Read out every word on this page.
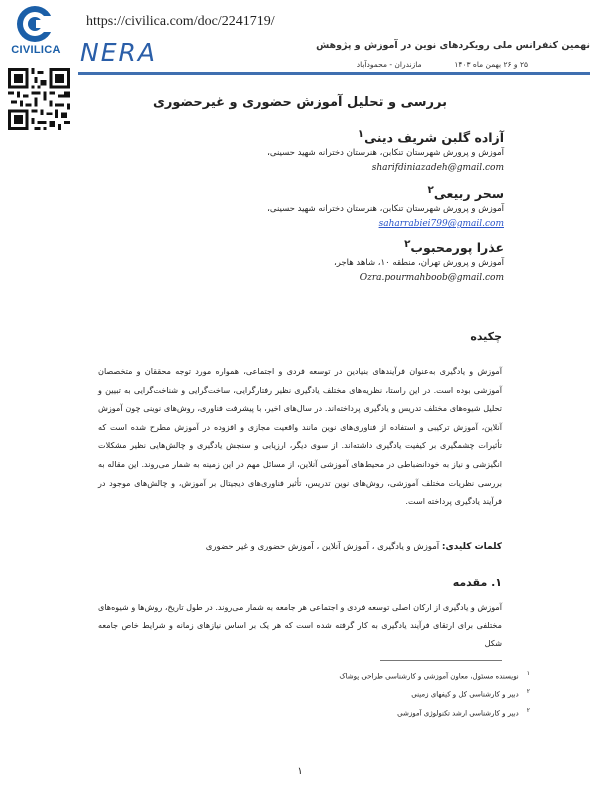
CIVILICA
https://civilica.com/doc/2241719/
NERA	نهمین کنفرانس ملی رویکردهای نوین در آموزش و پژوهش
۲۵ و ۲۶ بهمن ماه ۱۴۰۳  مازندران - محمودآباد
بررسی و تحلیل آموزش حضوری و غیرحضوری
آزاده گلبن شریف دینی$^۱$
آموزش و پرورش شهرستان تنکابن، هنرستان دخترانه شهید حسینی،
sharifdiniazadeh@gmail.com
سحر ربیعی$^۲$
آموزش و پرورش شهرستان تنکابن، هنرستان دخترانه شهید حسینی،
saharrabiei799@gmail.com
عذرا پورمحبوب$^۲$
آموزش و پرورش تهران، منطقه ۱۰، شاهد هاجر،
Ozra.pourmahboob@gmail.com
چکیده
آموزش و یادگیری به‌عنوان فرآیندهای بنیادین در توسعه فردی و اجتماعی، همواره مورد توجه محققان و متخصصان آموزشی بوده است. در این راستا، نظریه‌های مختلف یادگیری نظیر رفتارگرایی، ساخت‌گرایی و شناخت‌گرایی به تبیین و تحلیل شیوه‌های مختلف تدریس و یادگیری پرداخته‌اند. در سال‌های اخیر، با پیشرفت فناوری، روش‌های نوینی چون آموزش آنلاین، آموزش ترکیبی و استفاده از فناوری‌های نوین مانند واقعیت مجازی و افزوده در آموزش مطرح شده است که تأثیرات چشمگیری بر کیفیت یادگیری داشته‌اند. از سوی دیگر، ارزیابی و سنجش یادگیری و چالش‌هایی نظیر مشکلات انگیزشی و نیاز به خودانضباطی در محیط‌های آموزشی آنلاین، از مسائل مهم در این زمینه به شمار می‌روند. این مقاله به بررسی نظریات مختلف آموزشی، روش‌های نوین تدریس، تأثیر فناوری‌های دیجیتال بر آموزش، و چالش‌های موجود در فرآیند یادگیری پرداخته است.
کلمات کلیدی: آموزش و یادگیری ، آموزش آنلاین ، آموزش حضوری و غیر حضوری
۱. مقدمه
آموزش و یادگیری از ارکان اصلی توسعه فردی و اجتماعی هر جامعه به شمار می‌روند. در طول تاریخ، روش‌ها و شیوه‌های مختلفی برای ارتقای فرآیند یادگیری به کار گرفته شده است که هر یک بر اساس نیازهای زمانه و شرایط خاص جامعه شکل
$^۱$نویسنده مسئول، معاون آموزشی و کارشناسی طراحی پوشاک
$^۲$دبیر و کارشناسی کل و کیفهای زمینی
$^۲$دبیر و کارشناسی ارشد تکنولوژی آموزشی
۱
